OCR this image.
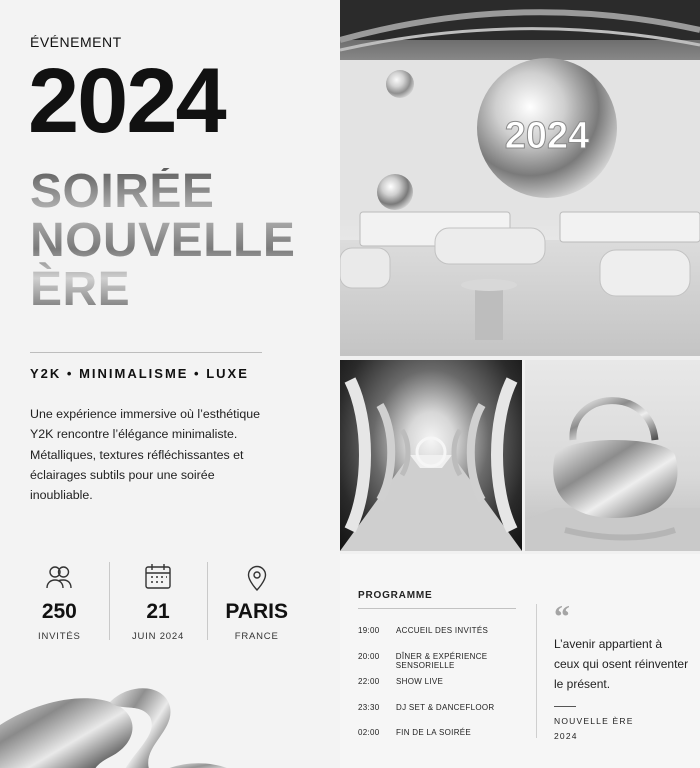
ÉVÉNEMENT
2024
SOIRÉE
NOUVELLE
ÈRE
Y2K • MINIMALISME • LUXE

Une expérience immersive où l’esthétique Y2K rencontre l’élégance minimaliste. Métalliques, textures réfléchissantes et éclairages subtils pour une soirée inoubliable.

250
INVITÉS
21
JUIN 2024
PARIS
FRANCE
2024
PROGRAMME
19:00	ACCUEIL DES INVITÉS
20:00	DÎNER & EXPÉRIENCE SENSORIELLE
22:00	SHOW LIVE
23:30	DJ SET & DANCEFLOOR
02:00	FIN DE LA SOIRÉE
“

L’avenir appartient à ceux qui osent réinventer le présent.

NOUVELLE ÈRE
2024
